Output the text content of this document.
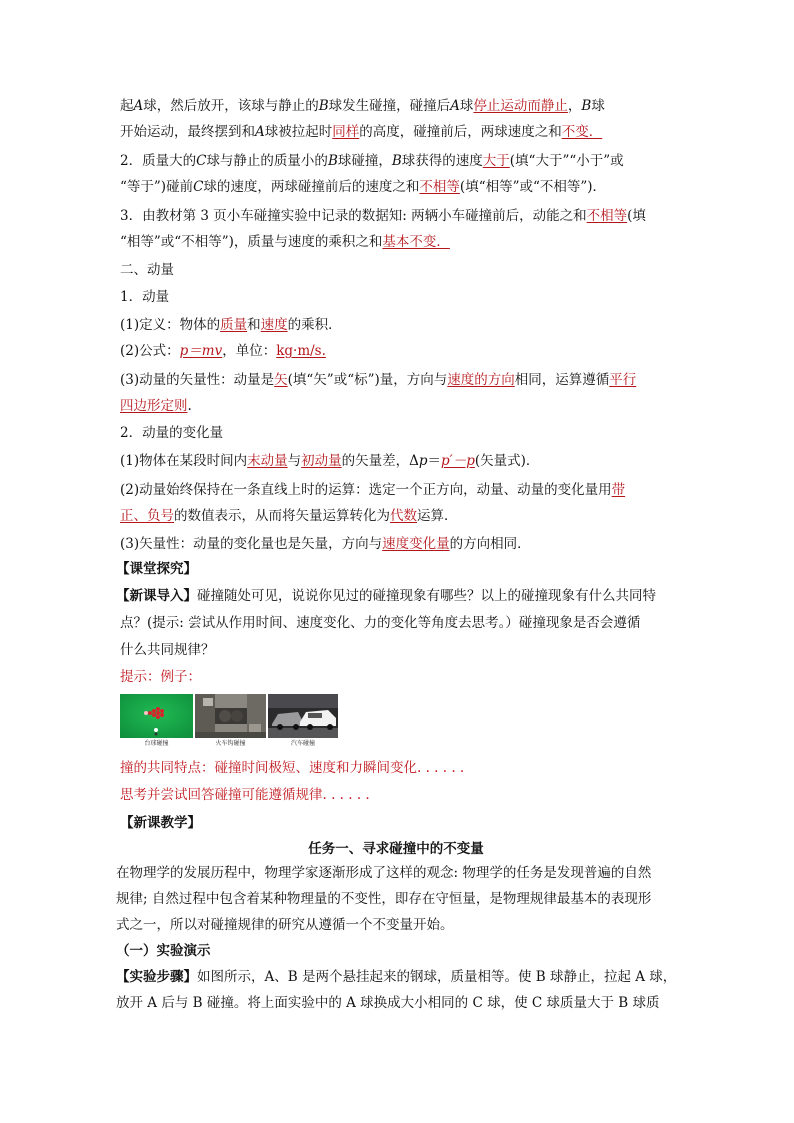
起A球，然后放开，该球与静止的B球发生碰撞，碰撞后A球停止运动而静止，B球
开始运动，最终摆到和A球被拉起时同样的高度，碰撞前后，两球速度之和不变．
2．质量大的C球与静止的质量小的B球碰撞，B球获得的速度大于(填“大于”“小于”或
“等于”)碰前C球的速度，两球碰撞前后的速度之和不相等(填“相等”或“不相等”)．
3．由教材第 3 页小车碰撞实验中记录的数据知: 两辆小车碰撞前后，动能之和不相等(填
“相等”或“不相等”)，质量与速度的乘积之和基本不变．
二、动量
1．动量
(1)定义：物体的质量和速度的乘积．
(2)公式：p＝mv，单位：kg·m/s.
(3)动量的矢量性：动量是矢(填“矢”或“标”)量，方向与速度的方向相同，运算遵循平行
四边形定则.
2．动量的变化量
(1)物体在某段时间内末动量与初动量的矢量差，Δp＝p′－p(矢量式)．
(2)动量始终保持在一条直线上时的运算：选定一个正方向，动量、动量的变化量用带
正、负号的数值表示，从而将矢量运算转化为代数运算．
(3)矢量性：动量的变化量也是矢量，方向与速度变化量的方向相同．
【课堂探究】
【新课导入】碰撞随处可见，说说你见过的碰撞现象有哪些？以上的碰撞现象有什么共同特
点？(提示: 尝试从作用时间、速度变化、力的变化等角度去思考。）碰撞现象是否会遵循
什么共同规律？
提示：例子：
台球碰撞	火车钩碰撞	汽车碰撞
撞的共同特点：碰撞时间极短、速度和力瞬间变化. . . . . .
思考并尝试回答碰撞可能遵循规律. . . . . .
【新课教学】
任务一、寻求碰撞中的不变量
在物理学的发展历程中，物理学家逐渐形成了这样的观念: 物理学的任务是发现普遍的自然
规律; 自然过程中包含着某种物理量的不变性，即存在守恒量，是物理规律最基本的表现形
式之一，所以对碰撞规律的研究从遵循一个不变量开始。
（一）实验演示
【实验步骤】如图所示，A、B 是两个悬挂起来的钢球，质量相等。使 B 球静止，拉起 A 球，
放开 A 后与 B 碰撞。将上面实验中的 A 球换成大小相同的 C 球，使 C 球质量大于 B 球质
